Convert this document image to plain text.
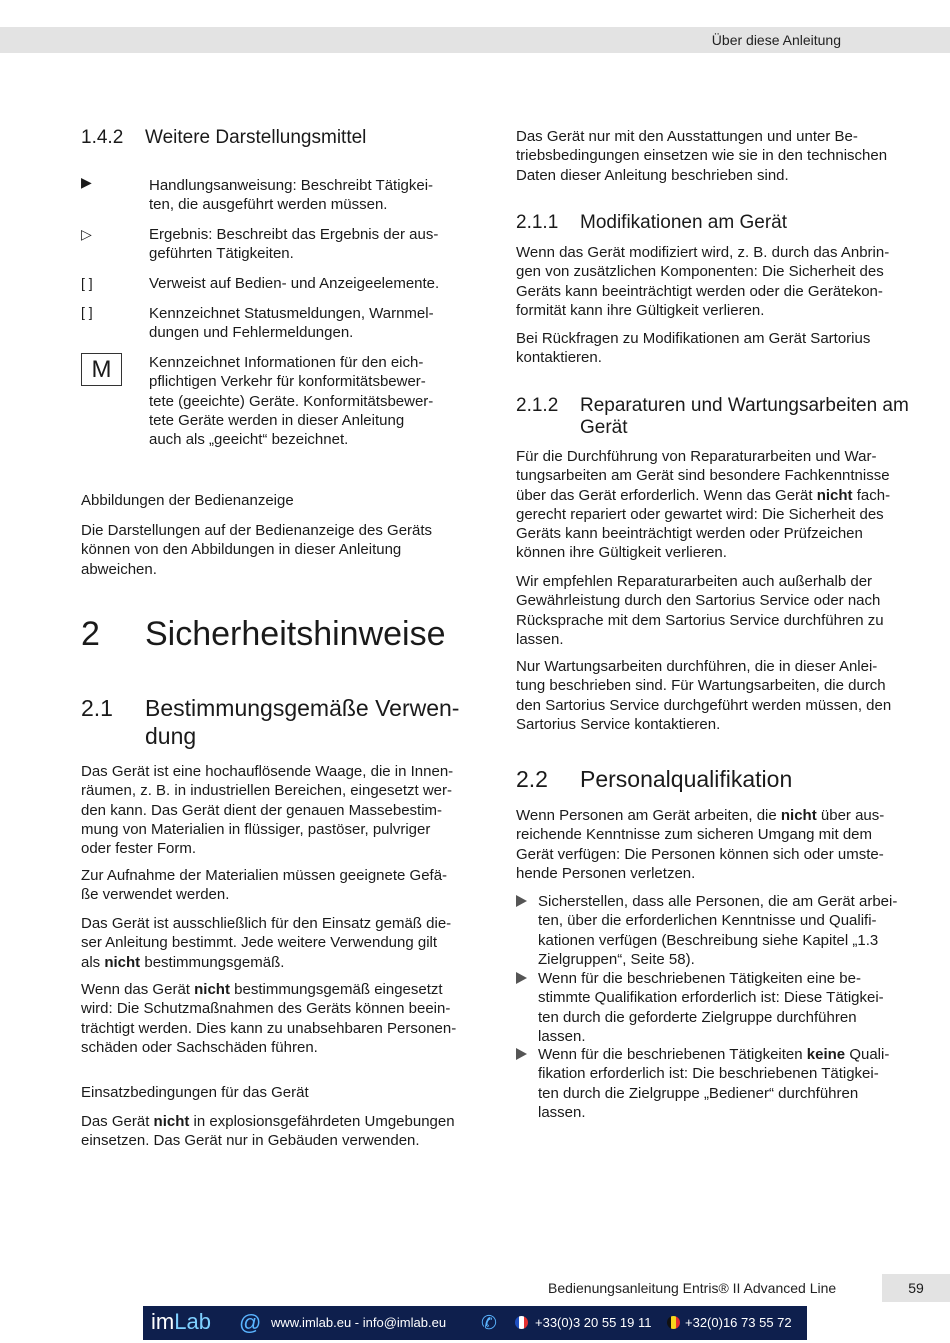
Über diese Anleitung
1.4.2 Weitere Darstellungsmittel
▶	Handlungsanweisung: Beschreibt Tätigkei-
ten, die ausgeführt werden müssen.
▷	Ergebnis: Beschreibt das Ergebnis der aus-
geführten Tätigkeiten.
[ ]	Verweist auf Bedien- und Anzeigeelemente.
[ ]	Kennzeichnet Statusmeldungen, Warnmel-
dungen und Fehlermeldungen.
M	Kennzeichnet Informationen für den eich-
pflichtigen Verkehr für konformitätsbewer-
tete (geeichte) Geräte. Konformitätsbewer-
tete Geräte werden in dieser Anleitung
auch als „geeicht“ bezeichnet.
Abbildungen der Bedienanzeige
Die Darstellungen auf der Bedienanzeige des Geräts
können von den Abbildungen in dieser Anleitung
abweichen.
2 Sicherheitshinweise
2.1 Bestimmungsgemäße Verwen-
dung
Das Gerät ist eine hochauflösende Waage, die in Innen-
räumen, z. B. in industriellen Bereichen, eingesetzt wer-
den kann. Das Gerät dient der genauen Massebestim-
mung von Materialien in flüssiger, pastöser, pulvriger
oder fester Form.
Zur Aufnahme der Materialien müssen geeignete Gefä-
ße verwendet werden.
Das Gerät ist ausschließlich für den Einsatz gemäß die-
ser Anleitung bestimmt. Jede weitere Verwendung gilt
als nicht bestimmungsgemäß.
Wenn das Gerät nicht bestimmungsgemäß eingesetzt
wird: Die Schutzmaßnahmen des Geräts können beein-
trächtigt werden. Dies kann zu unabsehbaren Personen-
schäden oder Sachschäden führen.
Einsatzbedingungen für das Gerät
Das Gerät nicht in explosionsgefährdeten Umgebungen
einsetzen. Das Gerät nur in Gebäuden verwenden.
Das Gerät nur mit den Ausstattungen und unter Be-
triebsbedingungen einsetzen wie sie in den technischen
Daten dieser Anleitung beschrieben sind.
2.1.1 Modifikationen am Gerät
Wenn das Gerät modifiziert wird, z. B. durch das Anbrin-
gen von zusätzlichen Komponenten: Die Sicherheit des
Geräts kann beeinträchtigt werden oder die Gerätekon-
formität kann ihre Gültigkeit verlieren.
Bei Rückfragen zu Modifikationen am Gerät Sartorius
kontaktieren.
2.1.2 Reparaturen und Wartungsarbeiten am
Gerät
Für die Durchführung von Reparaturarbeiten und War-
tungsarbeiten am Gerät sind besondere Fachkenntnisse
über das Gerät erforderlich. Wenn das Gerät nicht fach-
gerecht repariert oder gewartet wird: Die Sicherheit des
Geräts kann beeinträchtigt werden oder Prüfzeichen
können ihre Gültigkeit verlieren.
Wir empfehlen Reparaturarbeiten auch außerhalb der
Gewährleistung durch den Sartorius Service oder nach
Rücksprache mit dem Sartorius Service durchführen zu
lassen.
Nur Wartungsarbeiten durchführen, die in dieser Anlei-
tung beschrieben sind. Für Wartungsarbeiten, die durch
den Sartorius Service durchgeführt werden müssen, den
Sartorius Service kontaktieren.
2.2 Personalqualifikation
Wenn Personen am Gerät arbeiten, die nicht über aus-
reichende Kenntnisse zum sicheren Umgang mit dem
Gerät verfügen: Die Personen können sich oder umste-
hende Personen verletzen.
Sicherstellen, dass alle Personen, die am Gerät arbei-
ten, über die erforderlichen Kenntnisse und Qualifi-
kationen verfügen (Beschreibung siehe Kapitel „1.3
Zielgruppen“, Seite 58).
Wenn für die beschriebenen Tätigkeiten eine be-
stimmte Qualifikation erforderlich ist: Diese Tätigkei-
ten durch die geforderte Zielgruppe durchführen
lassen.
Wenn für die beschriebenen Tätigkeiten keine Quali-
fikation erforderlich ist: Die beschriebenen Tätigkei-
ten durch die Zielgruppe „Bediener“ durchführen
lassen.
Bedienungsanleitung Entris® II Advanced Line	59
imLab @ www.imlab.eu - info@imlab.eu ✆	+33(0)3 20 55 19 11	+32(0)16 73 55 72
